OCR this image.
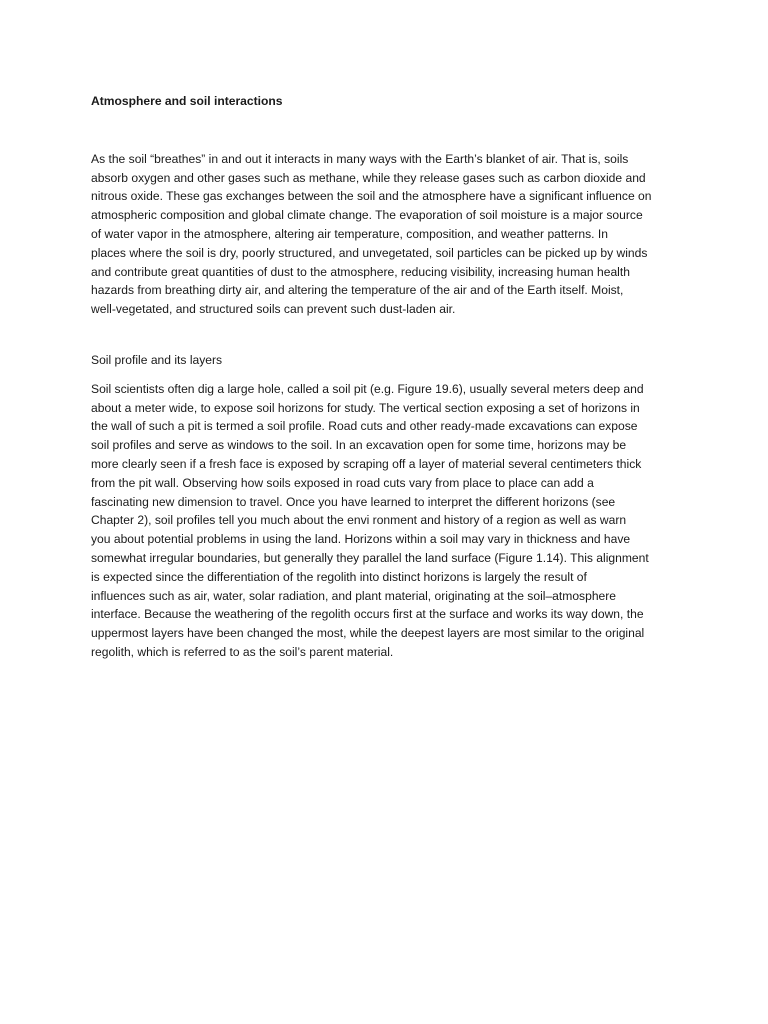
Atmosphere and soil interactions

As the soil “breathes” in and out it interacts in many ways with the Earth’s blanket of air. That is, soils
absorb oxygen and other gases such as methane, while they release gases such as carbon dioxide and
nitrous oxide. These gas exchanges between the soil and the atmosphere have a significant influence on
atmospheric composition and global climate change. The evaporation of soil moisture is a major source
of water vapor in the atmosphere, altering air temperature, composition, and weather patterns. In
places where the soil is dry, poorly structured, and unvegetated, soil particles can be picked up by winds
and contribute great quantities of dust to the atmosphere, reducing visibility, increasing human health
hazards from breathing dirty air, and altering the temperature of the air and of the Earth itself. Moist,
well-vegetated, and structured soils can prevent such dust-laden air.

Soil profile and its layers

Soil scientists often dig a large hole, called a soil pit (e.g. Figure 19.6), usually several meters deep and
about a meter wide, to expose soil horizons for study. The vertical section exposing a set of horizons in
the wall of such a pit is termed a soil profile. Road cuts and other ready-made excavations can expose
soil profiles and serve as windows to the soil. In an excavation open for some time, horizons may be
more clearly seen if a fresh face is exposed by scraping off a layer of material several centimeters thick
from the pit wall. Observing how soils exposed in road cuts vary from place to place can add a
fascinating new dimension to travel. Once you have learned to interpret the different horizons (see
Chapter 2), soil profiles tell you much about the envi ronment and history of a region as well as warn
you about potential problems in using the land. Horizons within a soil may vary in thickness and have
somewhat irregular boundaries, but generally they parallel the land surface (Figure 1.14). This alignment
is expected since the differentiation of the regolith into distinct horizons is largely the result of
influences such as air, water, solar radiation, and plant material, originating at the soil–atmosphere
interface. Because the weathering of the regolith occurs first at the surface and works its way down, the
uppermost layers have been changed the most, while the deepest layers are most similar to the original
regolith, which is referred to as the soil’s parent material.
